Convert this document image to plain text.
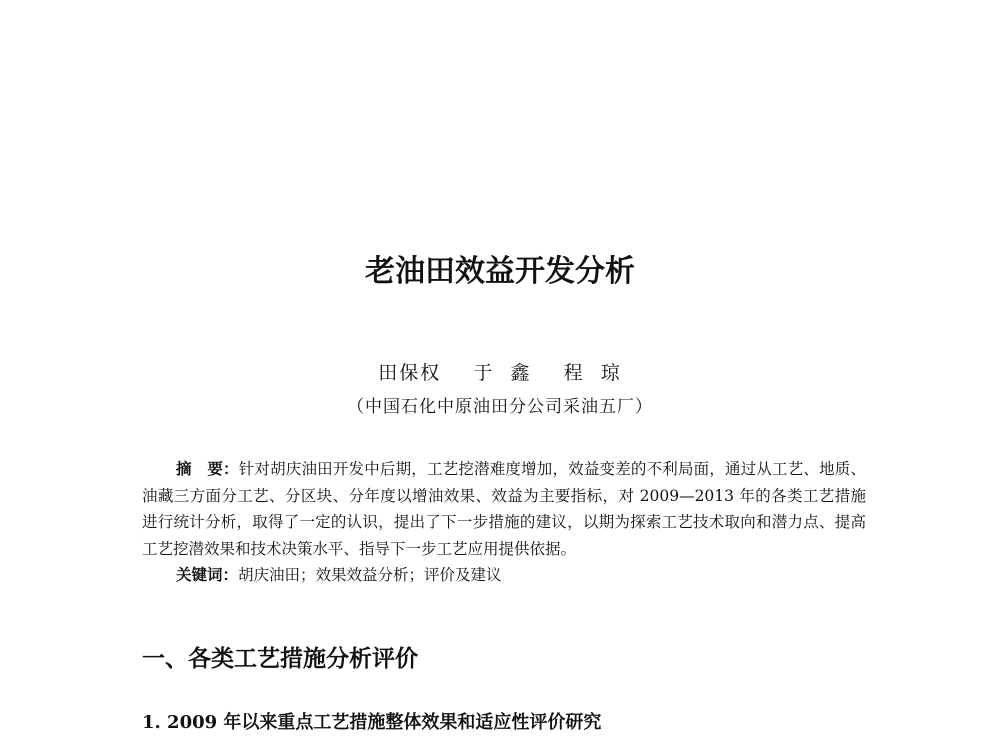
老油田效益开发分析
田保权    于  鑫    程  琼
（中国石化中原油田分公司采油五厂）

摘　要：针对胡庆油田开发中后期，工艺挖潜难度增加，效益变差的不利局面，通过从工艺、地质、油藏三方面分工艺、分区块、分年度以增油效果、效益为主要指标，对 2009—2013 年的各类工艺措施进行统计分析，取得了一定的认识，提出了下一步措施的建议，以期为探索工艺技术取向和潜力点、提高工艺挖潜效果和技术决策水平、指导下一步工艺应用提供依据。

关键词：胡庆油田；效果效益分析；评价及建议

一、各类工艺措施分析评价
1. 2009 年以来重点工艺措施整体效果和适应性评价研究
